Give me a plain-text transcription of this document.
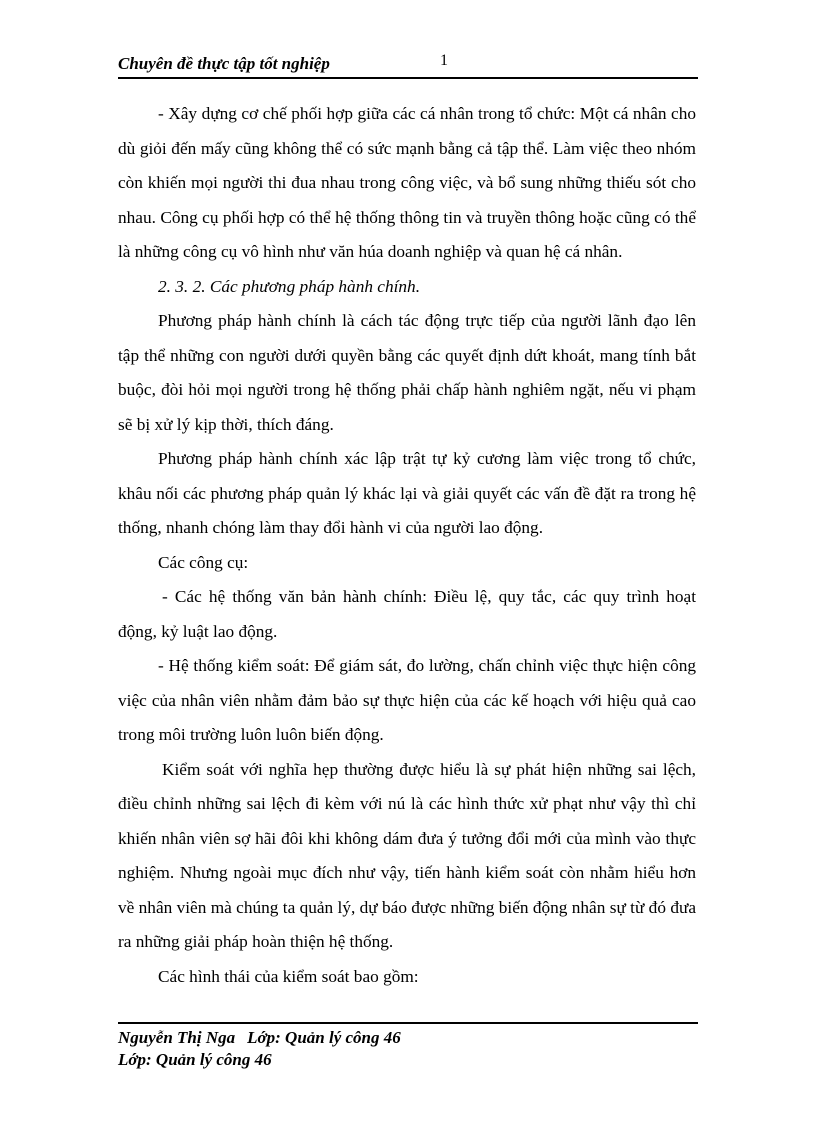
Chuyên đề thực tập tốt nghiệp	1

- Xây dựng cơ chế phối hợp giữa các cá nhân trong tổ chức: Một cá nhân cho dù giỏi đến mấy cũng không thể có sức mạnh bằng cả tập thể. Làm việc theo nhóm còn khiến mọi người thi đua nhau trong công việc, và bổ sung những thiếu sót cho nhau. Công cụ phối hợp có thể hệ thống thông tin và truyền thông hoặc cũng có thể là những công cụ vô hình như văn húa doanh nghiệp và quan hệ cá nhân.

2. 3. 2. Các phương pháp hành chính.

Phương pháp hành chính là cách tác động trực tiếp của người lãnh đạo lên tập thể những con người dưới quyền bằng các quyết định dứt khoát, mang tính bắt buộc, đòi hỏi mọi người trong hệ thống phải chấp hành nghiêm ngặt, nếu vi phạm sẽ bị xử lý kịp thời, thích đáng.

Phương pháp hành chính xác lập trật tự kỷ cương làm việc trong tổ chức, khâu nối các phương pháp quản lý khác lại và giải quyết các vấn đề đặt ra trong hệ thống, nhanh chóng làm thay đổi hành vi của người lao động.

Các công cụ:

- Các hệ thống văn bản hành chính: Điều lệ, quy tắc, các quy trình hoạt động, kỷ luật lao động.

- Hệ thống kiểm soát: Để giám sát, đo lường, chấn chỉnh việc thực hiện công việc của nhân viên nhằm đảm bảo sự thực hiện của các kế hoạch với hiệu quả cao trong môi trường luôn luôn biến động.

Kiểm soát với nghĩa hẹp thường được hiểu là sự phát hiện những sai lệch, điều chỉnh những sai lệch đi kèm với nú là các hình thức xử phạt như vậy thì chỉ khiến nhân viên sợ hãi đôi khi không dám đưa ý tưởng đổi mới của mình vào thực nghiệm. Nhưng ngoài mục đích như vậy, tiến hành kiểm soát còn nhằm hiểu hơn về nhân viên mà chúng ta quản lý, dự báo được những biến động nhân sự từ đó đưa ra những giải pháp hoàn thiện hệ thống.

Các hình thái của kiểm soát bao gồm:

Nguyễn Thị Nga Lớp: Quản lý công 46
Lớp: Quản lý công 46
